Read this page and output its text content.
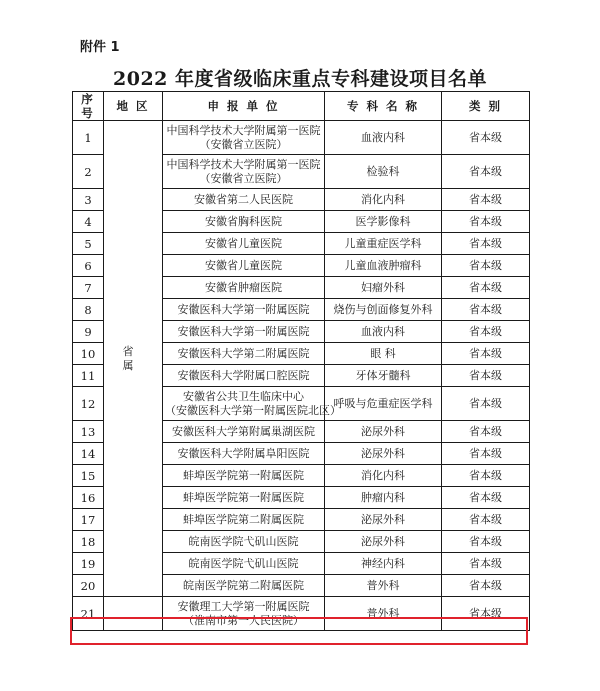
附件 1
2022 年度省级临床重点专科建设项目名单
序号	地 区	申 报 单 位	专 科 名 称	类 别
1	省 属	中国科学技术大学附属第一医院
（安徽省立医院）	血液内科	省本级
2		中国科学技术大学附属第一医院
（安徽省立医院）	检验科	省本级
3		安徽省第二人民医院	消化内科	省本级
4		安徽省胸科医院	医学影像科	省本级
5		安徽省儿童医院	儿童重症医学科	省本级
6		安徽省儿童医院	儿童血液肿瘤科	省本级
7		安徽省肿瘤医院	妇瘤外科	省本级
8		安徽医科大学第一附属医院	烧伤与创面修复外科	省本级
9		安徽医科大学第一附属医院	血液内科	省本级
10		安徽医科大学第二附属医院	眼 科	省本级
11		安徽医科大学附属口腔医院	牙体牙髓科	省本级
12		安徽省公共卫生临床中心
（安徽医科大学第一附属医院北区）	呼吸与危重症医学科	省本级
13		安徽医科大学第附属巢湖医院	泌尿外科	省本级
14		安徽医科大学附属阜阳医院	泌尿外科	省本级
15		蚌埠医学院第一附属医院	消化内科	省本级
16		蚌埠医学院第一附属医院	肿瘤内科	省本级
17		蚌埠医学院第二附属医院	泌尿外科	省本级
18		皖南医学院弋矶山医院	泌尿外科	省本级
19		皖南医学院弋矶山医院	神经内科	省本级
20		皖南医学院第二附属医院	普外科	省本级
21		安徽理工大学第一附属医院
（淮南市第一人民医院）	普外科	省本级
